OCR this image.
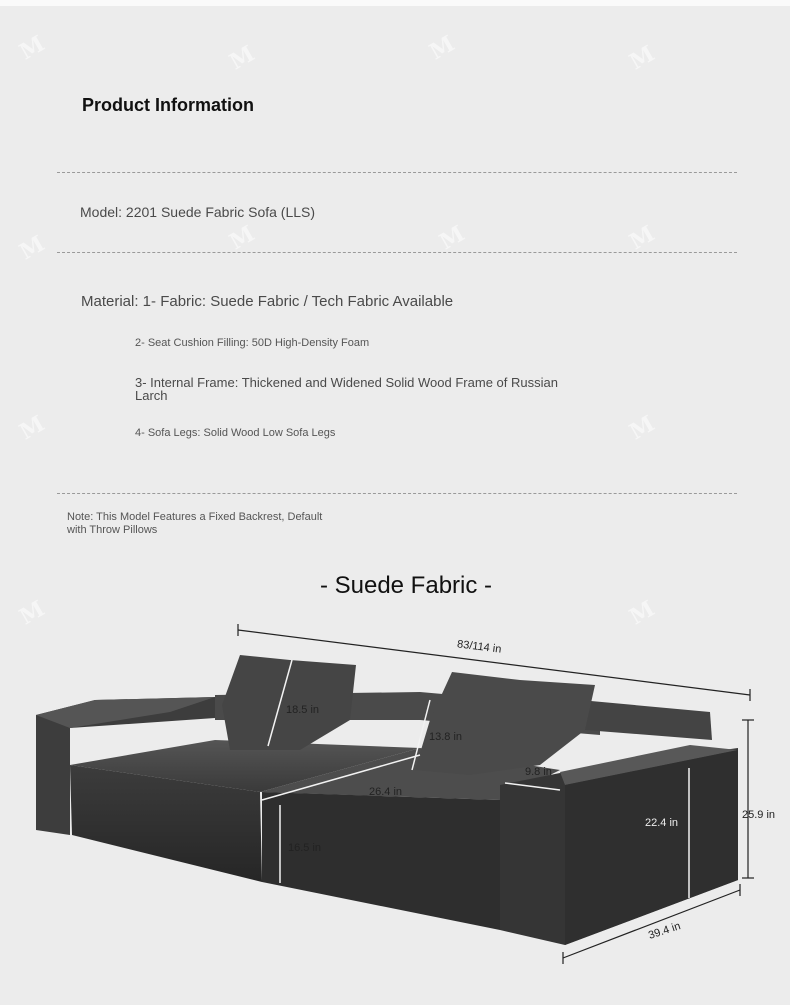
M	M	M	M
M	M	M	M
M	M
M	M
Product Information
Model: 2201 Suede Fabric Sofa (LLS)
Material: 1- Fabric: Suede Fabric / Tech Fabric Available
2- Seat Cushion Filling: 50D High-Density Foam
3- Internal Frame: Thickened and Widened Solid Wood Frame of Russian Larch
4- Sofa Legs: Solid Wood Low Sofa Legs
Note: This Model Features a Fixed Backrest, Default with Throw Pillows
- Suede Fabric -
83/114 in
18.5 in
13.8 in
9.8 in
26.4 in
16.5 in
22.4 in
25.9 in
39.4 in
